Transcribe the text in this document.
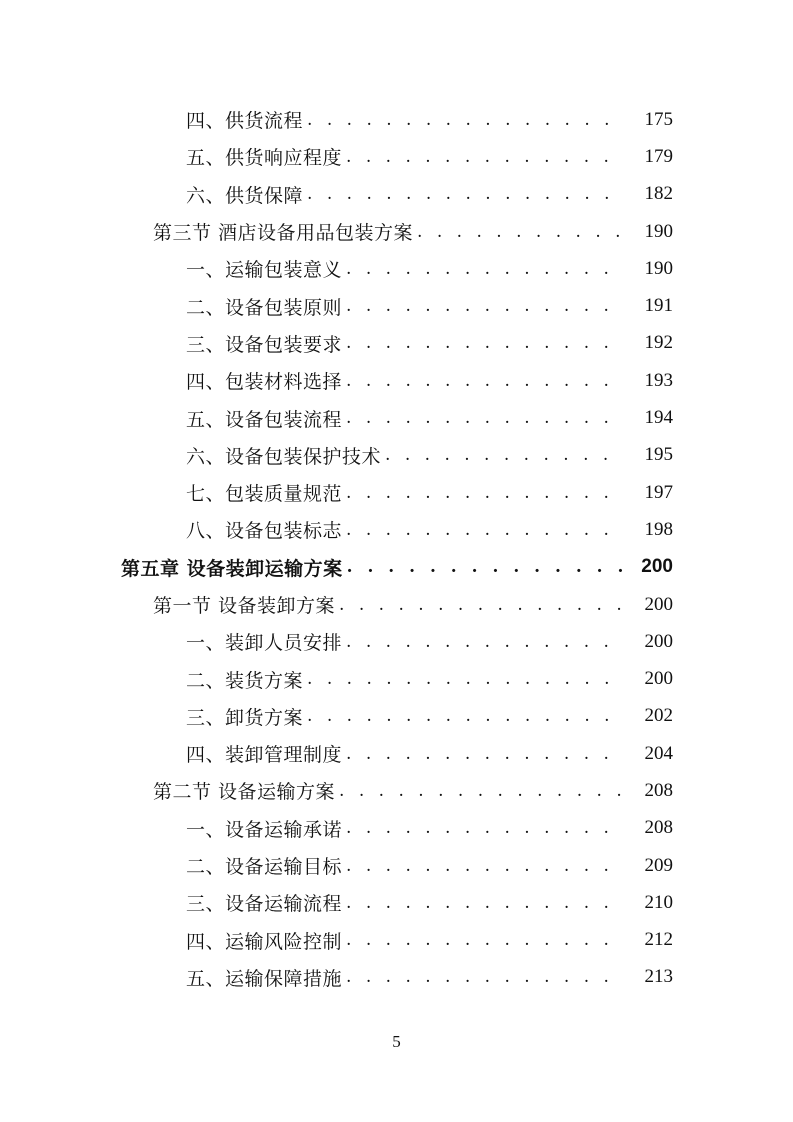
四、供货流程 . . .	175
五、供货响应程度 . . .	179
六、供货保障 . . .	182
第三节 酒店设备用品包装方案 . . .	190
一、运输包装意义 . . .	190
二、设备包装原则 . . .	191
三、设备包装要求 . . .	192
四、包装材料选择 . . .	193
五、设备包装流程 . . .	194
六、设备包装保护技术 . . .	195
七、包装质量规范 . . .	197
八、设备包装标志 . . .	198
第五章 设备装卸运输方案 . . .	200
第一节 设备装卸方案 . . .	200
一、装卸人员安排 . . .	200
二、装货方案 . . .	200
三、卸货方案 . . .	202
四、装卸管理制度 . . .	204
第二节 设备运输方案 . . .	208
一、设备运输承诺 . . .	208
二、设备运输目标 . . .	209
三、设备运输流程 . . .	210
四、运输风险控制 . . .	212
五、运输保障措施 . . .	213
5
